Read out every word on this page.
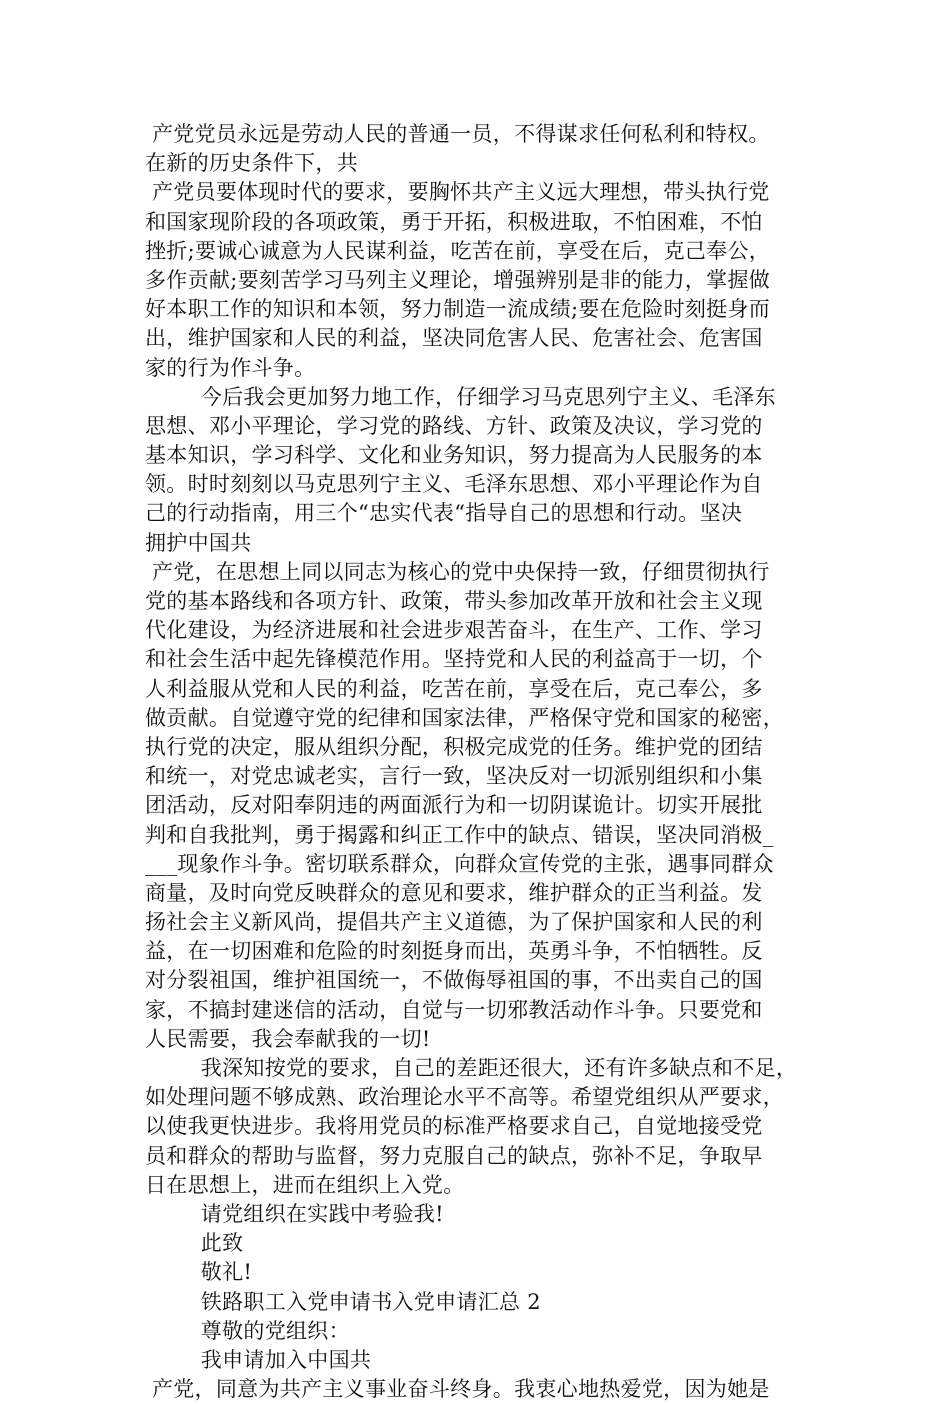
产党党员永远是劳动人民的普通一员，不得谋求任何私利和特权。
在新的历史条件下，共
产党员要体现时代的要求，要胸怀共产主义远大理想，带头执行党
和国家现阶段的各项政策，勇于开拓，积极进取，不怕困难，不怕
挫折;要诚心诚意为人民谋利益，吃苦在前，享受在后，克己奉公，
多作贡献;要刻苦学习马列主义理论，增强辨别是非的能力，掌握做
好本职工作的知识和本领，努力制造一流成绩;要在危险时刻挺身而
出，维护国家和人民的利益，坚决同危害人民、危害社会、危害国
家的行为作斗争。
今后我会更加努力地工作，仔细学习马克思列宁主义、毛泽东
思想、邓小平理论，学习党的路线、方针、政策及决议，学习党的
基本知识，学习科学、文化和业务知识，努力提高为人民服务的本
领。时时刻刻以马克思列宁主义、毛泽东思想、邓小平理论作为自
己的行动指南，用三个“忠实代表“指导自己的思想和行动。坚决
拥护中国共
产党，在思想上同以同志为核心的党中央保持一致，仔细贯彻执行
党的基本路线和各项方针、政策，带头参加改革开放和社会主义现
代化建设，为经济进展和社会进步艰苦奋斗，在生产、工作、学习
和社会生活中起先锋模范作用。坚持党和人民的利益高于一切，个
人利益服从党和人民的利益，吃苦在前，享受在后，克己奉公，多
做贡献。自觉遵守党的纪律和国家法律，严格保守党和国家的秘密，
执行党的决定，服从组织分配，积极完成党的任务。维护党的团结
和统一，对党忠诚老实，言行一致，坚决反对一切派别组织和小集
团活动，反对阳奉阴违的两面派行为和一切阴谋诡计。切实开展批
判和自我批判，勇于揭露和纠正工作中的缺点、错误，坚决同消极_
___现象作斗争。密切联系群众，向群众宣传党的主张，遇事同群众
商量，及时向党反映群众的意见和要求，维护群众的正当利益。发
扬社会主义新风尚，提倡共产主义道德，为了保护国家和人民的利
益，在一切困难和危险的时刻挺身而出，英勇斗争，不怕牺牲。反
对分裂祖国，维护祖国统一，不做侮辱祖国的事，不出卖自己的国
家，不搞封建迷信的活动，自觉与一切邪教活动作斗争。只要党和
人民需要，我会奉献我的一切!
我深知按党的要求，自己的差距还很大，还有许多缺点和不足，
如处理问题不够成熟、政治理论水平不高等。希望党组织从严要求，
以使我更快进步。我将用党员的标准严格要求自己，自觉地接受党
员和群众的帮助与监督，努力克服自己的缺点，弥补不足，争取早
日在思想上，进而在组织上入党。
请党组织在实践中考验我!
此致
敬礼!
铁路职工入党申请书入党申请汇总 2
尊敬的党组织：
我申请加入中国共
产党，同意为共产主义事业奋斗终身。我衷心地热爱党，因为她是
